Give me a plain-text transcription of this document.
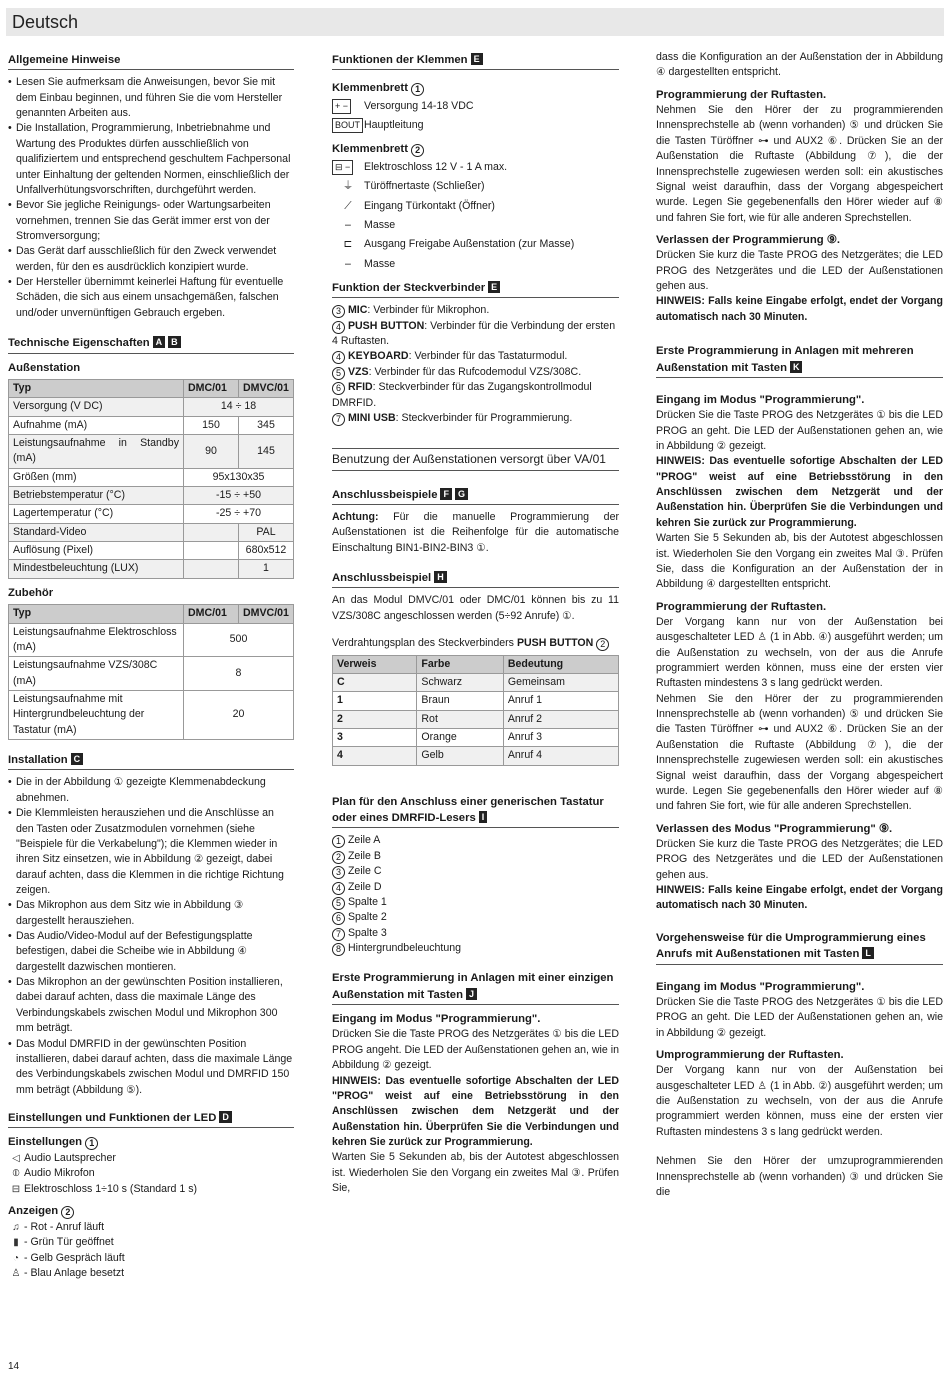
Deutsch
Allgemeine Hinweise
• Lesen Sie aufmerksam die Anweisungen, bevor Sie mit dem Einbau beginnen, und führen Sie die vom Hersteller genannten Arbeiten aus.
• Die Installation, Programmierung, Inbetriebnahme und Wartung des Produktes dürfen ausschließlich von qualifiziertem und entsprechend geschultem Fachpersonal unter Einhaltung der geltenden Normen, einschließlich der Unfallverhütungsvorschriften, durchgeführt werden.
• Bevor Sie jegliche Reinigungs- oder Wartungsarbeiten vornehmen, trennen Sie das Gerät immer erst von der Stromversorgung;
• Das Gerät darf ausschließlich für den Zweck verwendet werden, für den es ausdrücklich konzipiert wurde.
• Der Hersteller übernimmt keinerlei Haftung für eventuelle Schäden, die sich aus einem unsachgemäßen, falschen und/oder unvernünftigen Gebrauch ergeben.
Technische Eigenschaften A B
Außenstation
Typ	DMC/01	DMVC/01
Versorgung (V DC)	14 ÷ 18	
Aufnahme (mA)	150	345
Leistungsaufnahme in Standby (mA)	90	145
Größen (mm)	95x130x35	
Betriebstemperatur (°C)	-15 ÷ +50	
Lagertemperatur (°C)	-25 ÷ +70	
Standard-Video		PAL
Auflösung (Pixel)		680x512
Mindestbeleuchtung (LUX)		1
Zubehör
Typ	DMC/01	DMVC/01
Leistungsaufnahme Elektroschloss (mA)	500	
Leistungsaufnahme VZS/308C (mA)	8	
Leistungsaufnahme mit Hintergrundbeleuchtung der Tastatur (mA)	20	
Installation C
• Die in der Abbildung ① gezeigte Klemmenabdeckung abnehmen.
• Die Klemmleisten herausziehen und die Anschlüsse an den Tasten oder Zusatzmodulen vornehmen (siehe "Beispiele für die Verkabelung"); die Klemmen wieder in ihren Sitz einsetzen, wie in Abbildung ② gezeigt, dabei darauf achten, dass die Klemmen in die richtige Richtung zeigen.
• Das Mikrophon aus dem Sitz wie in Abbildung ③ dargestellt herausziehen.
• Das Audio/Video-Modul auf der Befestigungsplatte befestigen, dabei die Scheibe wie in Abbildung ④ dargestellt dazwischen montieren.
• Das Mikrophon an der gewünschten Position installieren, dabei darauf achten, dass die maximale Länge des Verbindungskabels zwischen Modul und Mikrophon 300 mm beträgt.
• Das Modul DMRFID in der gewünschten Position installieren, dabei darauf achten, dass die maximale Länge des Verbindungskabels zwischen Modul und DMRFID 150 mm beträgt (Abbildung ⑤).
Einstellungen und Funktionen der LED D
Einstellungen 1
◁ Audio Lautsprecher
⦶ Audio Mikrofon
⊟ Elektroschloss 1÷10 s (Standard 1 s)
Anzeigen 2
♫ - Rot - Anruf läuft
▮ - Grün Tür geöffnet
◔ - Gelb Gespräch läuft
♙ - Blau Anlage besetzt
Funktionen der Klemmen E
Klemmenbrett 1
+ −	Versorgung 14-18 VDC
BOUT	Hauptleitung
Klemmenbrett 2
⊟ −	Elektroschloss 12 V - 1 A max.
⏚	Türöffnertaste (Schließer)
⟋	Eingang Türkontakt (Öffner)
–	Masse
⊏	Ausgang Freigabe Außenstation (zur Masse)
–	Masse
Funktion der Steckverbinder E
3 MIC: Verbinder für Mikrophon.
4 PUSH BUTTON: Verbinder für die Verbindung der ersten 4 Ruftasten.
4 KEYBOARD: Verbinder für das Tastaturmodul.
5 VZS: Verbinder für das Rufcodemodul VZS/308C.
6 RFID: Steckverbinder für das Zugangskontrollmodul DMRFID.
7 MINI USB: Steckverbinder für Programmierung.
Benutzung der Außenstationen versorgt über VA/01
Anschlussbeispiele F G

Achtung: Für die manuelle Programmierung der Außenstationen ist die Reihenfolge für die automatische Einschaltung BIN1-BIN2-BIN3 ①.

Anschlussbeispiel H

An das Modul DMVC/01 oder DMC/01 können bis zu 11 VZS/308C angeschlossen werden (5÷92 Anrufe) ①.

Verdrahtungsplan des Steckverbinders PUSH BUTTON 2
Verweis	Farbe	Bedeutung
C	Schwarz	Gemeinsam
1	Braun	Anruf 1
2	Rot	Anruf 2
3	Orange	Anruf 3
4	Gelb	Anruf 4
Plan für den Anschluss einer generischen Tastatur oder eines DMRFID-Lesers I
1 Zeile A
2 Zeile B
3 Zeile C
4 Zeile D
5 Spalte 1
6 Spalte 2
7 Spalte 3
8 Hintergrundbeleuchtung
Erste Programmierung in Anlagen mit einer einzigen Außenstation mit Tasten J
Eingang im Modus "Programmierung".

Drücken Sie die Taste PROG des Netzgerätes ① bis die LED PROG angeht. Die LED der Außenstationen gehen an, wie in Abbildung ② gezeigt.

HINWEIS: Das eventuelle sofortige Abschalten der LED "PROG" weist auf eine Betriebsstörung in den Anschlüssen zwischen dem Netzgerät und der Außenstation hin. Überprüfen Sie die Verbindungen und kehren Sie zurück zur Programmierung.

Warten Sie 5 Sekunden ab, bis der Autotest abgeschlossen ist. Wiederholen Sie den Vorgang ein zweites Mal ③. Prüfen Sie,

dass die Konfiguration an der Außenstation der in Abbildung ④ dargestellten entspricht.

Programmierung der Ruftasten.

Nehmen Sie den Hörer der zu programmierenden Innensprechstelle ab (wenn vorhanden) ⑤ und drücken Sie die Tasten Türöffner ⊶ und AUX2 ⑥. Drücken Sie an der Außenstation die Ruftaste (Abbildung ⑦), die der Innensprechstelle zugewiesen werden soll: ein akustisches Signal weist daraufhin, dass der Vorgang abgespeichert wurde. Legen Sie gegebenenfalls den Hörer wieder auf ⑧ und fahren Sie fort, wie für alle anderen Sprechstellen.

Verlassen der Programmierung ⑨.

Drücken Sie kurz die Taste PROG des Netzgerätes; die LED PROG des Netzgerätes und die LED der Außenstationen gehen aus.

HINWEIS: Falls keine Eingabe erfolgt, endet der Vorgang automatisch nach 30 Minuten.

Erste Programmierung in Anlagen mit mehreren Außenstation mit Tasten K
Eingang im Modus "Programmierung".

Drücken Sie die Taste PROG des Netzgerätes ① bis die LED PROG an geht. Die LED der Außenstationen gehen an, wie in Abbildung ② gezeigt.

HINWEIS: Das eventuelle sofortige Abschalten der LED "PROG" weist auf eine Betriebsstörung in den Anschlüssen zwischen dem Netzgerät und der Außenstation hin. Überprüfen Sie die Verbindungen und kehren Sie zurück zur Programmierung.

Warten Sie 5 Sekunden ab, bis der Autotest abgeschlossen ist. Wiederholen Sie den Vorgang ein zweites Mal ③. Prüfen Sie, dass die Konfiguration an der Außenstation der in Abbildung ④ dargestellten entspricht.

Programmierung der Ruftasten.

Der Vorgang kann nur von der Außenstation bei ausgeschalteter LED ♙ (1 in Abb. ④) ausgeführt werden; um die Außenstation zu wechseln, von der aus die Anrufe programmiert werden können, muss eine der ersten vier Ruftasten mindestens 3 s lang gedrückt werden.

Nehmen Sie den Hörer der zu programmierenden Innensprechstelle ab (wenn vorhanden) ⑤ und drücken Sie die Tasten Türöffner ⊶ und AUX2 ⑥. Drücken Sie an der Außenstation die Ruftaste (Abbildung ⑦), die der Innensprechstelle zugewiesen werden soll: ein akustisches Signal weist daraufhin, dass der Vorgang abgespeichert wurde. Legen Sie gegebenenfalls den Hörer wieder auf ⑧ und fahren Sie fort, wie für alle anderen Sprechstellen.

Verlassen des Modus "Programmierung" ⑨.

Drücken Sie kurz die Taste PROG des Netzgerätes; die LED PROG des Netzgerätes und die LED der Außenstationen gehen aus.

HINWEIS: Falls keine Eingabe erfolgt, endet der Vorgang automatisch nach 30 Minuten.

Vorgehensweise für die Umprogrammierung eines Anrufs mit Außenstationen mit Tasten L
Eingang im Modus "Programmierung".

Drücken Sie die Taste PROG des Netzgerätes ① bis die LED PROG an geht. Die LED der Außenstationen gehen an, wie in Abbildung ② gezeigt.

Umprogrammierung der Ruftasten.

Der Vorgang kann nur von der Außenstation bei ausgeschalteter LED ♙ (1 in Abb. ②) ausgeführt werden; um die Außenstation zu wechseln, von der aus die Anrufe programmiert werden können, muss eine der ersten vier Ruftasten mindestens 3 s lang gedrückt werden.

Nehmen Sie den Hörer der umzuprogrammierenden Innensprechstelle ab (wenn vorhanden) ③ und drücken Sie die

14
